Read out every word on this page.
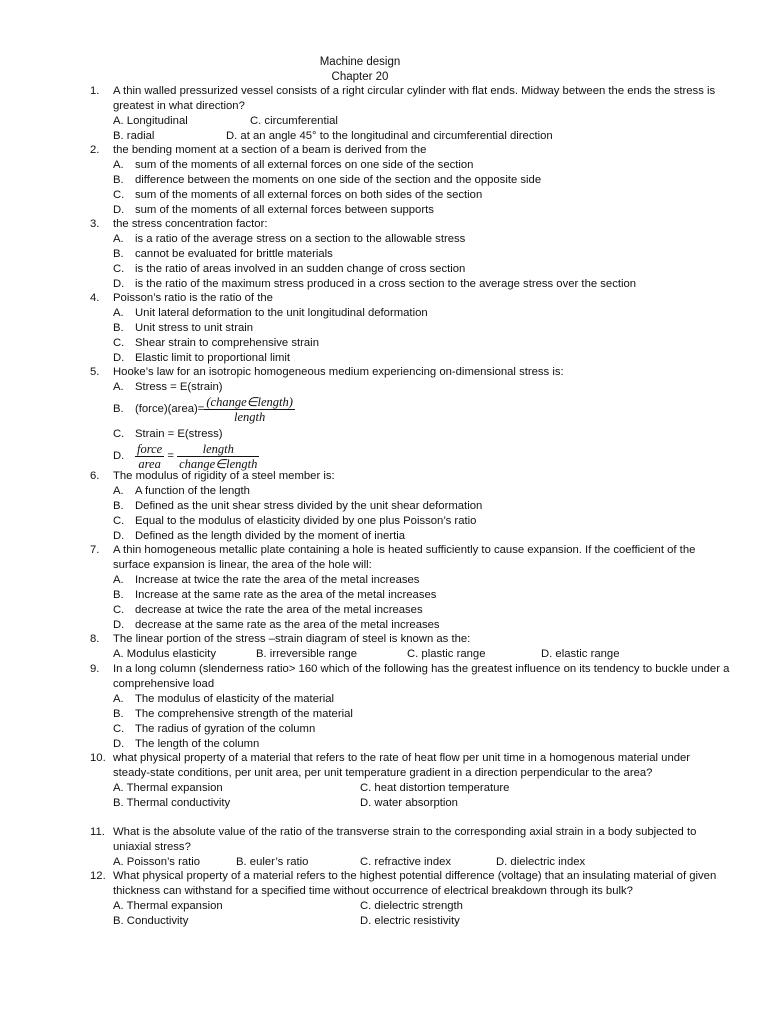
Machine design
Chapter 20
1.	A thin walled pressurized vessel consists of a right circular cylinder with flat ends. Midway between the ends the stress is greatest in what direction?
A. Longitudinal	C. circumferential
B. radial	D. at an angle 45° to the longitudinal and circumferential direction
2.	the bending moment at a section of a beam is derived from the
A. sum of the moments of all external forces on one side of the section
B. difference between the moments on one side of the section and the opposite side
C. sum of the moments of all external forces on both sides of the section
D. sum of the moments of all external forces between supports
3.	the stress concentration factor:
A. is a ratio of the average stress on a section to the allowable stress
B. cannot be evaluated for brittle materials
C. is the ratio of areas involved in an sudden change of cross section
D. is the ratio of the maximum stress produced in a cross section to the average stress over the section
4.	Poisson’s ratio is the ratio of the
A. Unit lateral deformation to the unit longitudinal deformation
B. Unit stress to unit strain
C. Shear strain to comprehensive strain
D. Elastic limit to proportional limit
5.	Hooke’s law for an isotropic homogeneous medium experiencing on-dimensional stress is:
A. Stress = E(strain)
B. (force)(area)= $\frac{\text{(change∈length)}}{\text{length}}$
C. Strain = E(stress)
D. $\frac{\text{force}}{\text{area}} = \frac{\text{length}}{\text{change∈length}}$
6.	The modulus of rigidity of a steel member is:
A. A function of the length
B. Defined as the unit shear stress divided by the unit shear deformation
C. Equal to the modulus of elasticity divided by one plus Poisson’s ratio
D. Defined as the length divided by the moment of inertia
7.	A thin homogeneous metallic plate containing a hole is heated sufficiently to cause expansion. If the coefficient of the surface expansion is linear, the area of the hole will:
A. Increase at twice the rate the area of the metal increases
B. Increase at the same rate as the area of the metal increases
C. decrease at twice the rate the area of the metal increases
D. decrease at the same rate as the area of the metal increases
8.	The linear portion of the stress –strain diagram of steel is known as the:
A. Modulus elasticity	B. irreversible range	C. plastic range	D. elastic range
9.	In a long column (slenderness ratio> 160 which of the following has the greatest influence on its tendency to buckle under a comprehensive load
A. The modulus of elasticity of the material
B. The comprehensive strength of the material
C. The radius of gyration of the column
D. The length of the column
10. what physical property of a material that refers to the rate of heat flow per unit time in a homogenous material under steady-state conditions, per unit area, per unit temperature gradient in a direction perpendicular to the area?
A. Thermal expansion	C. heat distortion temperature
B. Thermal conductivity	D. water absorption
11. What is the absolute value of the ratio of the transverse strain to the corresponding axial strain in a body subjected to uniaxial stress?
A. Poisson’s ratio	B. euler’s ratio	C. refractive index	D. dielectric index
12. What physical property of a material refers to the highest potential difference (voltage) that an insulating material of given thickness can withstand for a specified time without occurrence of electrical breakdown through its bulk?
A. Thermal expansion	C. dielectric strength
B. Conductivity	D. electric resistivity
